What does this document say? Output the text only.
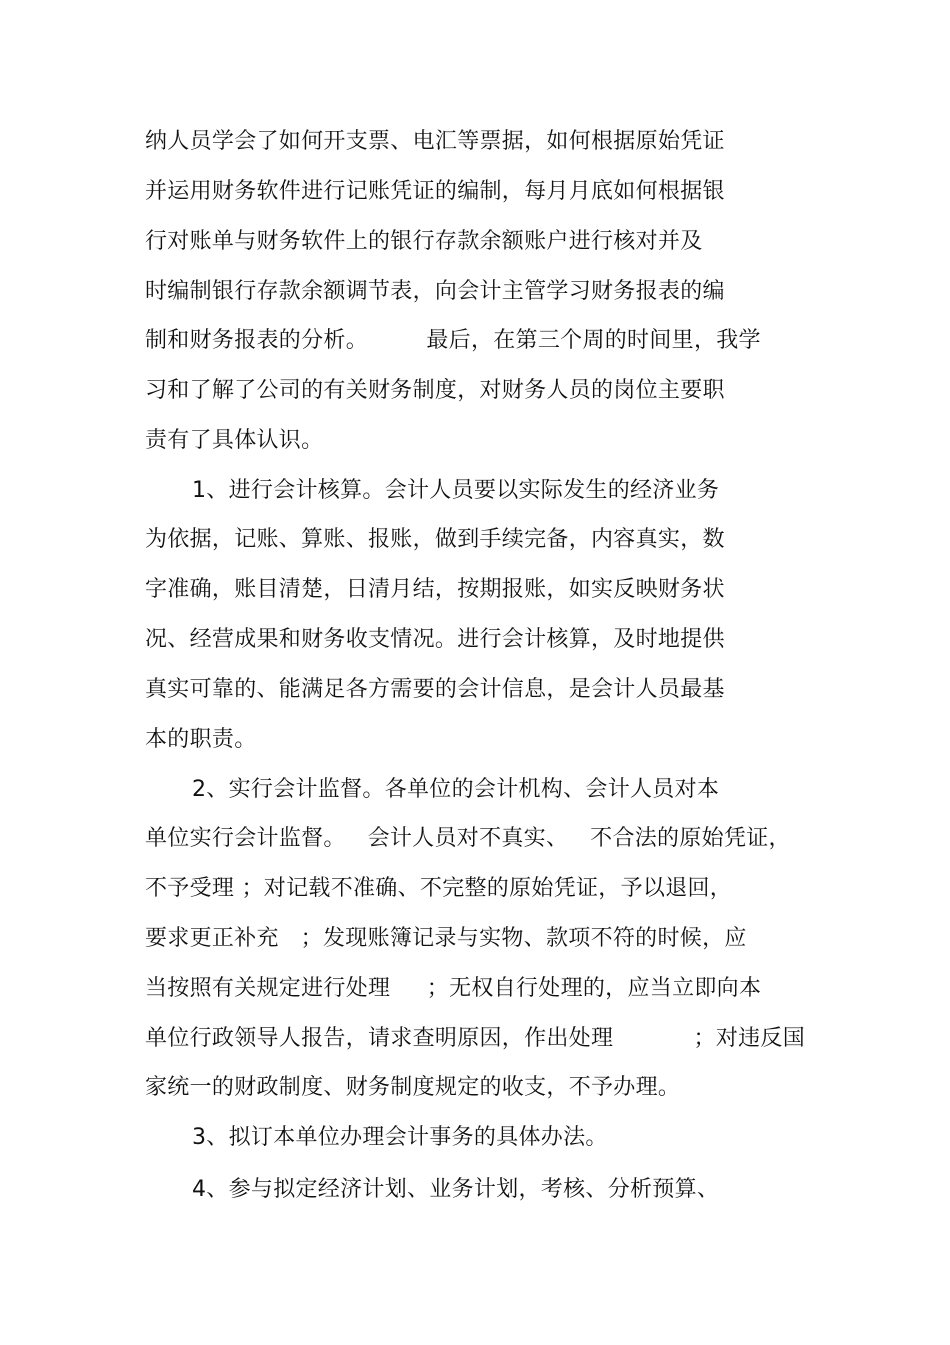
纳人员学会了如何开支票、电汇等票据，如何根据原始凭证
并运用财务软件进行记账凭证的编制，每月月底如何根据银
行对账单与财务软件上的银行存款余额账户进行核对并及
时编制银行存款余额调节表，向会计主管学习财务报表的编
制和财务报表的分析。        最后，在第三个周的时间里，我学
习和了解了公司的有关财务制度，对财务人员的岗位主要职
责有了具体认识。
1、进行会计核算。会计人员要以实际发生的经济业务
为依据，记账、算账、报账，做到手续完备，内容真实，数
字准确，账目清楚，日清月结，按期报账，如实反映财务状
况、经营成果和财务收支情况。进行会计核算，及时地提供
真实可靠的、能满足各方需要的会计信息，是会计人员最基
本的职责。
2、实行会计监督。各单位的会计机构、会计人员对本
单位实行会计监督。   会计人员对不真实、   不合法的原始凭证，
不予受理 ；对记载不准确、不完整的原始凭证，予以退回，
要求更正补充   ；发现账簿记录与实物、款项不符的时候，应
当按照有关规定进行处理     ；无权自行处理的，应当立即向本
单位行政领导人报告，请求查明原因，作出处理           ；对违反国
家统一的财政制度、财务制度规定的收支，不予办理。
3、拟订本单位办理会计事务的具体办法。
4、参与拟定经济计划、业务计划，考核、分析预算、
